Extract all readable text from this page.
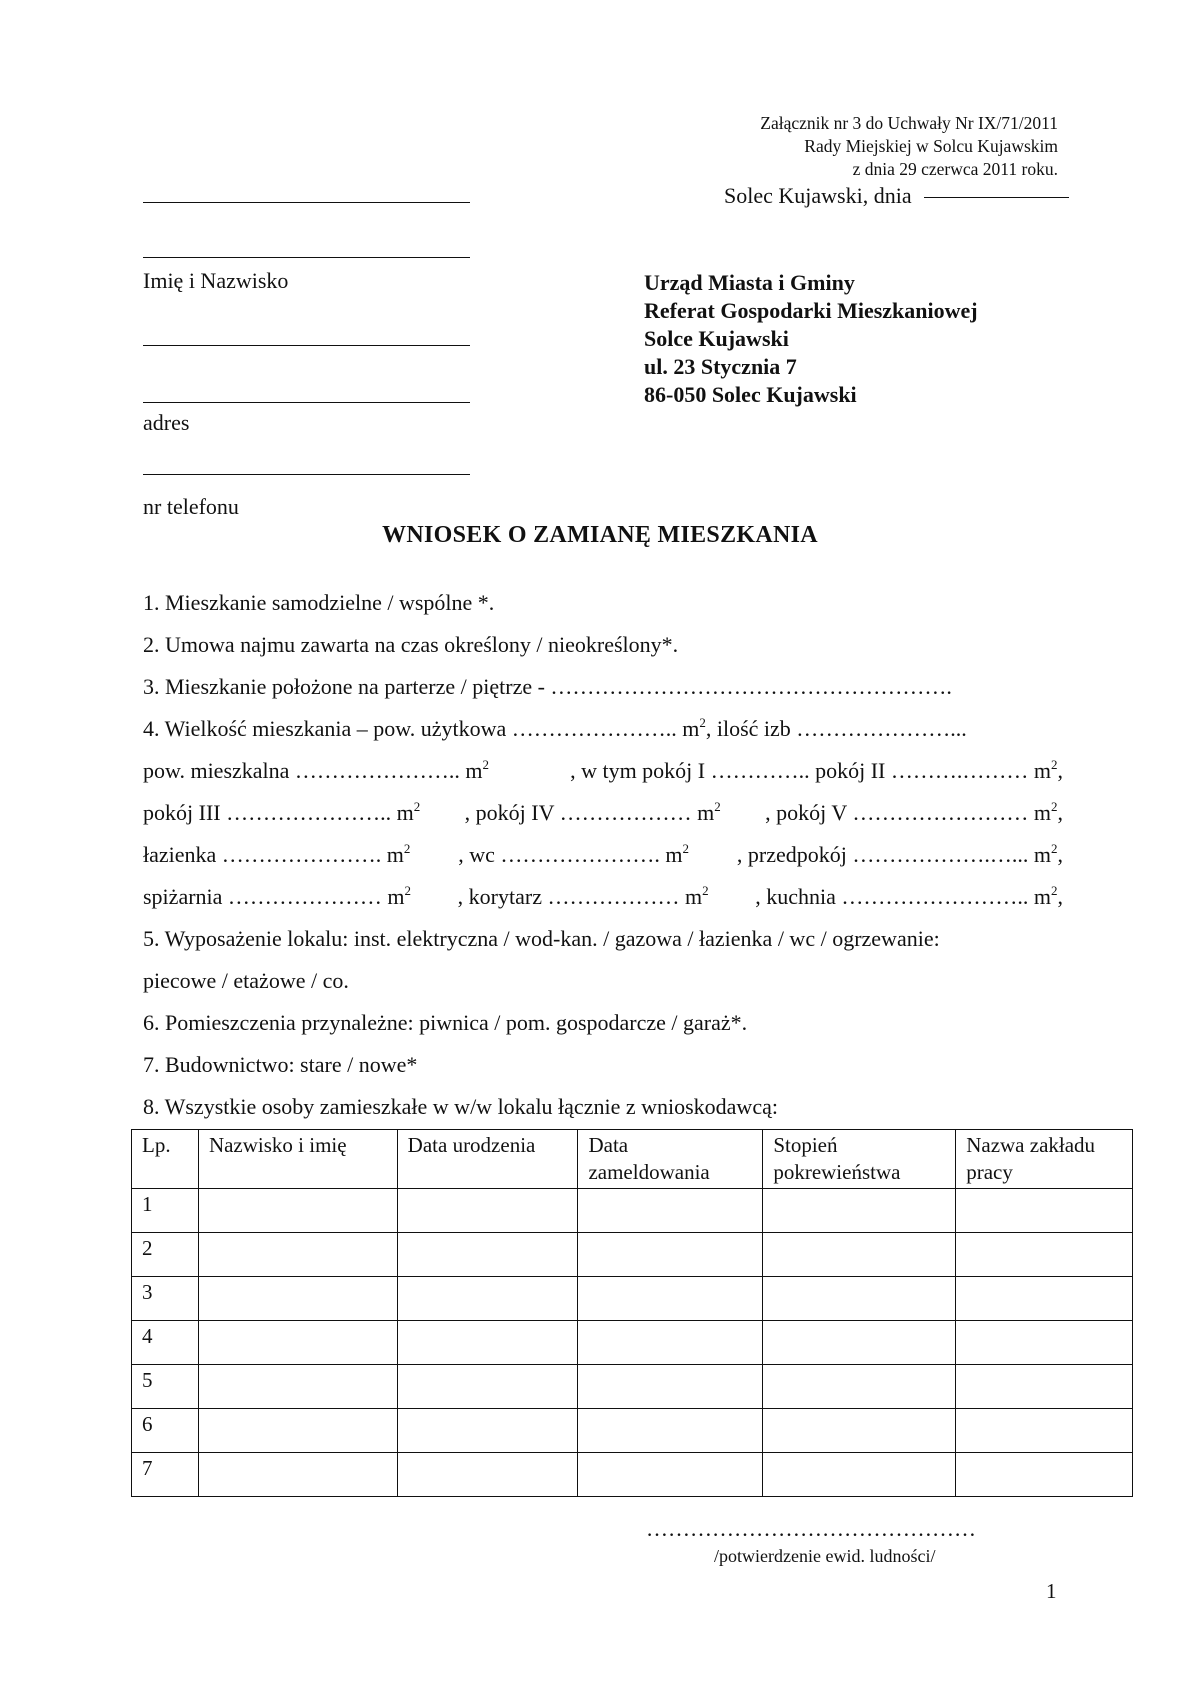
Załącznik nr 3 do Uchwały Nr IX/71/2011
Rady Miejskiej w Solcu Kujawskim
z dnia 29 czerwca 2011 roku.
Solec Kujawski, dnia
Imię i Nazwisko
adres
nr telefonu
Urząd Miasta i Gminy
Referat Gospodarki Mieszkaniowej
Solce Kujawski
ul. 23 Stycznia 7
86-050 Solec Kujawski
WNIOSEK O ZAMIANĘ MIESZKANIA

1. Mieszkanie samodzielne / wspólne *.

2. Umowa najmu zawarta na czas określony / nieokreślony*.

3. Mieszkanie położone na parterze / piętrze - ……………………………………………….

4. Wielkość mieszkania – pow. użytkowa ………………….. $m^2$, ilość izb …………………...

pow. mieszkalna ………………….. $m^2$	, w tym pokój I ………….. pokój II ……….……… $m^2$,

pokój III ………………….. $m^2$ , pokój IV ……………… $m^2$ , pokój V …………………… $m^2$,

łazienka …………………. $m^2$ , wc …………………. $m^2$ , przedpokój ……………….…... $m^2$,

spiżarnia ………………… $m^2$ , korytarz ……………… $m^2$ , kuchnia …………………….. $m^2$,

5. Wyposażenie lokalu: inst. elektryczna / wod-kan. / gazowa / łazienka / wc / ogrzewanie:

piecowe / etażowe / co.

6. Pomieszczenia przynależne: piwnica / pom. gospodarcze / garaż*.

7. Budownictwo: stare / nowe*

8. Wszystkie osoby zamieszkałe w w/w lokalu łącznie z wnioskodawcą:

Lp.	Nazwisko i imię	Data urodzenia	Data zameldowania	Stopień pokrewieństwa	Nazwa zakładu pracy
1					
2					
3					
4					
5					
6					
7					
………………………………………
/potwierdzenie ewid. ludności/
1
